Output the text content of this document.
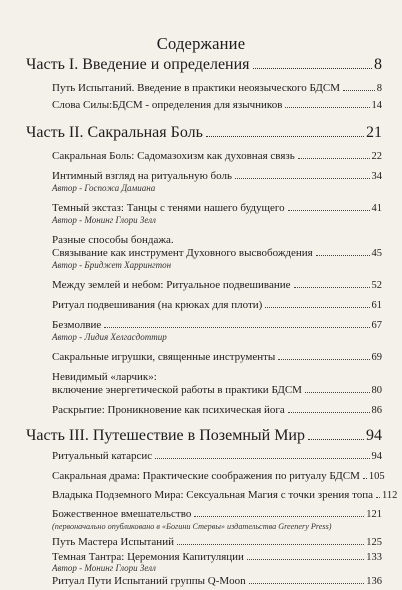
Содержание
Часть I. Введение и определения	8
Путь Испытаний. Введение в практики неоязыческого БДСМ	8
Слова Силы:БДСМ - определения для язычников	14
Часть II. Сакральная Боль	21
Сакральная Боль: Садомазохизм как духовная связь	22
Интимный взгляд на ритуальную боль	34
Автор - Госпожа Дамиана
Темный экстаз: Танцы с тенями нашего будущего	41
Автор - Монинг Глори Зелл
Разные способы бондажа.
Связывание как инструмент Духовного высвобождения	45
Автор - Бриджет Харрингтон
Между землей и небом: Ритуальное подвешивание	52
Ритуал подвешивания (на крюках для плоти)	61
Безмолвие	67
Автор - Лидия Хелгасдоттир
Сакральные игрушки, священные инструменты	69
Невидимый «ларчик»:
включение энергетической работы в практики БДСМ	80
Раскрытие: Проникновение как психическая йога	86
Часть III. Путешествие в Поземный Мир	94
Ритуальный катарсис	94
Сакральная драма: Практические соображения по ритуалу БДСМ 105
Владыка Подземного Мира: Сексуальная Магия с точки зрения топа 112
Божественное вмешательство	121
(первоначально опубликовано в «Богини Стервы» издательства Greenery Press)
Путь Мастера Испытаний	125
Темная Тантра: Церемония Капитуляции	133
Автор - Монинг Глори Зелл
Ритуал Пути Испытаний группы Q-Moon	136
